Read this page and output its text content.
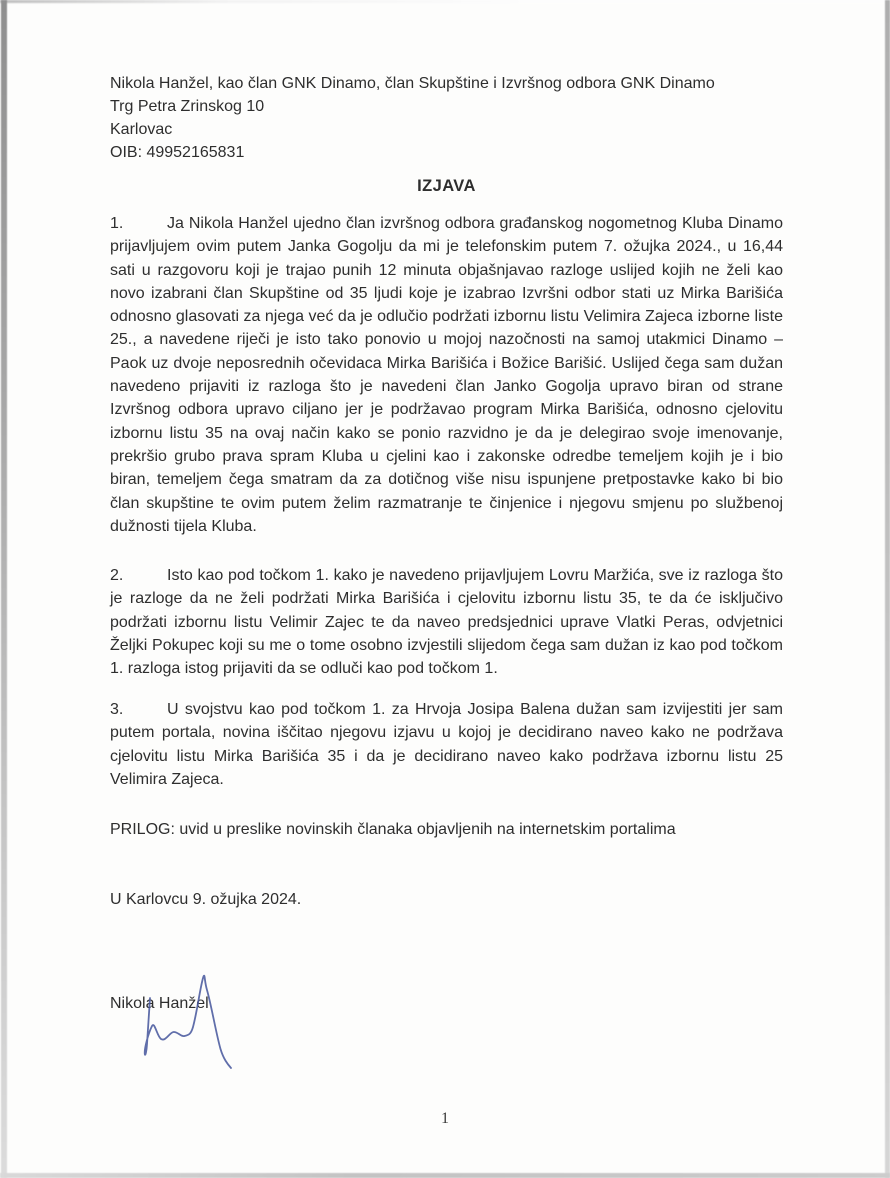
Nikola Hanžel, kao član GNK Dinamo, član Skupštine i Izvršnog odbora GNK Dinamo

Trg Petra Zrinskog 10

Karlovac

OIB: 49952165831

IZJAVA

1.	Ja Nikola Hanžel ujedno član izvršnog odbora građanskog nogometnog Kluba Dinamo prijavljujem ovim putem Janka Gogolju da mi je telefonskim putem 7. ožujka 2024., u 16,44 sati u razgovoru koji je trajao punih 12 minuta objašnjavao razloge uslijed kojih ne želi kao novo izabrani član Skupštine od 35 ljudi koje je izabrao Izvršni odbor stati uz Mirka Barišića odnosno glasovati za njega već da je odlučio podržati izbornu listu Velimira Zajeca izborne liste 25., a navedene riječi je isto tako ponovio u mojoj nazočnosti na samoj utakmici Dinamo – Paok uz dvoje neposrednih očevidaca Mirka Barišića i Božice Barišić. Uslijed čega sam dužan navedeno prijaviti iz razloga što je navedeni član Janko Gogolja upravo biran od strane Izvršnog odbora upravo ciljano jer je podržavao program Mirka Barišića, odnosno cjelovitu izbornu listu 35 na ovaj način kako se ponio razvidno je da je delegirao svoje imenovanje, prekršio grubo prava spram Kluba u cjelini kao i zakonske odredbe temeljem kojih je i bio biran, temeljem čega smatram da za dotičnog više nisu ispunjene pretpostavke kako bi bio član skupštine te ovim putem želim razmatranje te činjenice i njegovu smjenu po službenoj dužnosti tijela Kluba.

2.	Isto kao pod točkom 1. kako je navedeno prijavljujem Lovru Maržića, sve iz razloga što je razloge da ne želi podržati Mirka Barišića i cjelovitu izbornu listu 35, te da će isključivo podržati izbornu listu Velimir Zajec te da naveo predsjednici uprave Vlatki Peras, odvjetnici Željki Pokupec koji su me o tome osobno izvjestili slijedom čega sam dužan iz kao pod točkom 1. razloga istog prijaviti da se odluči kao pod točkom 1.

3.	U svojstvu kao pod točkom 1. za Hrvoja Josipa Balena dužan sam izvijestiti jer sam putem portala, novina iščitao njegovu izjavu u kojoj je decidirano naveo kako ne podržava cjelovitu listu Mirka Barišića 35 i da je decidirano naveo kako podržava izbornu listu 25 Velimira Zajeca.

PRILOG: uvid u preslike novinskih članaka objavljenih na internetskim portalima

U Karlovcu 9. ožujka 2024.

Nikola Hanžel

1
